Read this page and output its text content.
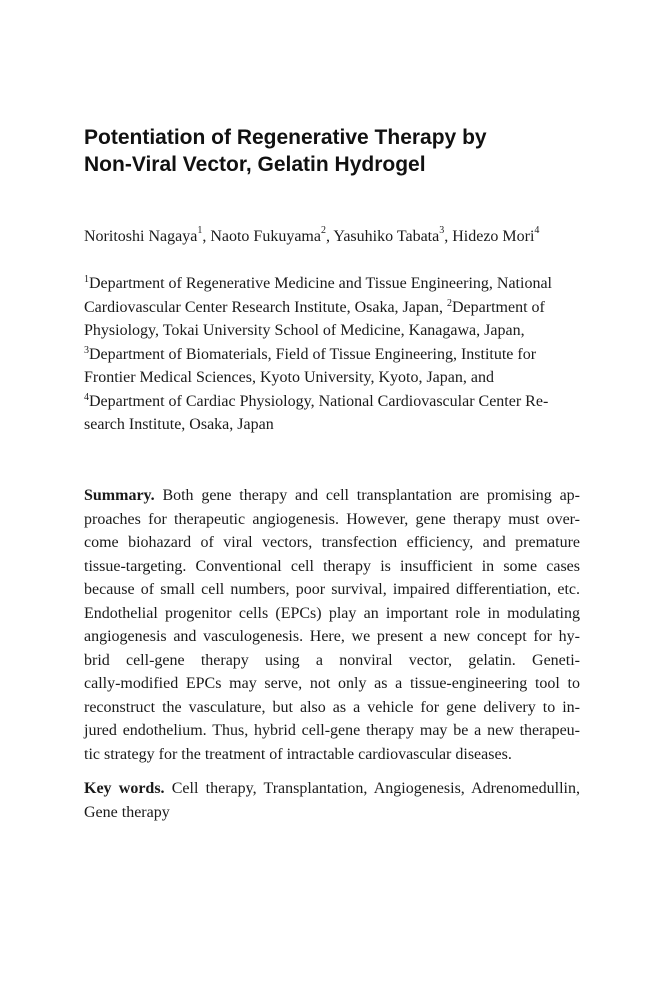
Potentiation of Regenerative Therapy by
Non-Viral Vector, Gelatin Hydrogel
Noritoshi Nagaya$^1$, Naoto Fukuyama$^2$, Yasuhiko Tabata$^3$, Hidezo Mori$^4$
$^1$Department of Regenerative Medicine and Tissue Engineering, National
Cardiovascular Center Research Institute, Osaka, Japan, $^2$Department of
Physiology, Tokai University School of Medicine, Kanagawa, Japan,
$^3$Department of Biomaterials, Field of Tissue Engineering, Institute for
Frontier Medical Sciences, Kyoto University, Kyoto, Japan, and
$^4$Department of Cardiac Physiology, National Cardiovascular Center Re-
search Institute, Osaka, Japan
Summary. Both gene therapy and cell transplantation are promising ap-
proaches for therapeutic angiogenesis. However, gene therapy must over-
come biohazard of viral vectors, transfection efficiency, and premature
tissue-targeting. Conventional cell therapy is insufficient in some cases
because of small cell numbers, poor survival, impaired differentiation, etc.
Endothelial progenitor cells (EPCs) play an important role in modulating
angiogenesis and vasculogenesis. Here, we present a new concept for hy-
brid cell-gene therapy using a nonviral vector, gelatin. Geneti-
cally-modified EPCs may serve, not only as a tissue-engineering tool to
reconstruct the vasculature, but also as a vehicle for gene delivery to in-
jured endothelium. Thus, hybrid cell-gene therapy may be a new therapeu-
tic strategy for the treatment of intractable cardiovascular diseases.
Key words. Cell therapy, Transplantation, Angiogenesis, Adrenomedullin,
Gene therapy
